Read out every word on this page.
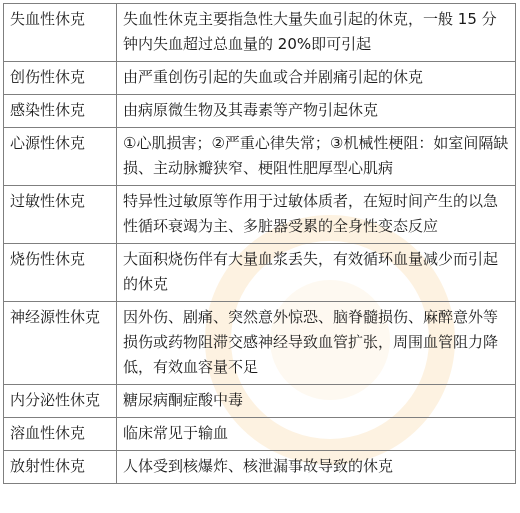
失血性休克	失血性休克主要指急性大量失血引起的休克，一般 15 分钟内失血超过总血量的 20%即可引起
创伤性休克	由严重创伤引起的失血或合并剧痛引起的休克
感染性休克	由病原微生物及其毒素等产物引起休克
心源性休克	①心肌损害；②严重心律失常；③机械性梗阻：如室间隔缺损、主动脉瓣狭窄、梗阻性肥厚型心肌病
过敏性休克	特异性过敏原等作用于过敏体质者，在短时间产生的以急性循环衰竭为主、多脏器受累的全身性变态反应
烧伤性休克	大面积烧伤伴有大量血浆丢失，有效循环血量减少而引起的休克
神经源性休克	因外伤、剧痛、突然意外惊恐、脑脊髓损伤、麻醉意外等损伤或药物阻滞交感神经导致血管扩张，周围血管阻力降低，有效血容量不足
内分泌性休克	糖尿病酮症酸中毒
溶血性休克	临床常见于输血
放射性休克	人体受到核爆炸、核泄漏事故导致的休克
